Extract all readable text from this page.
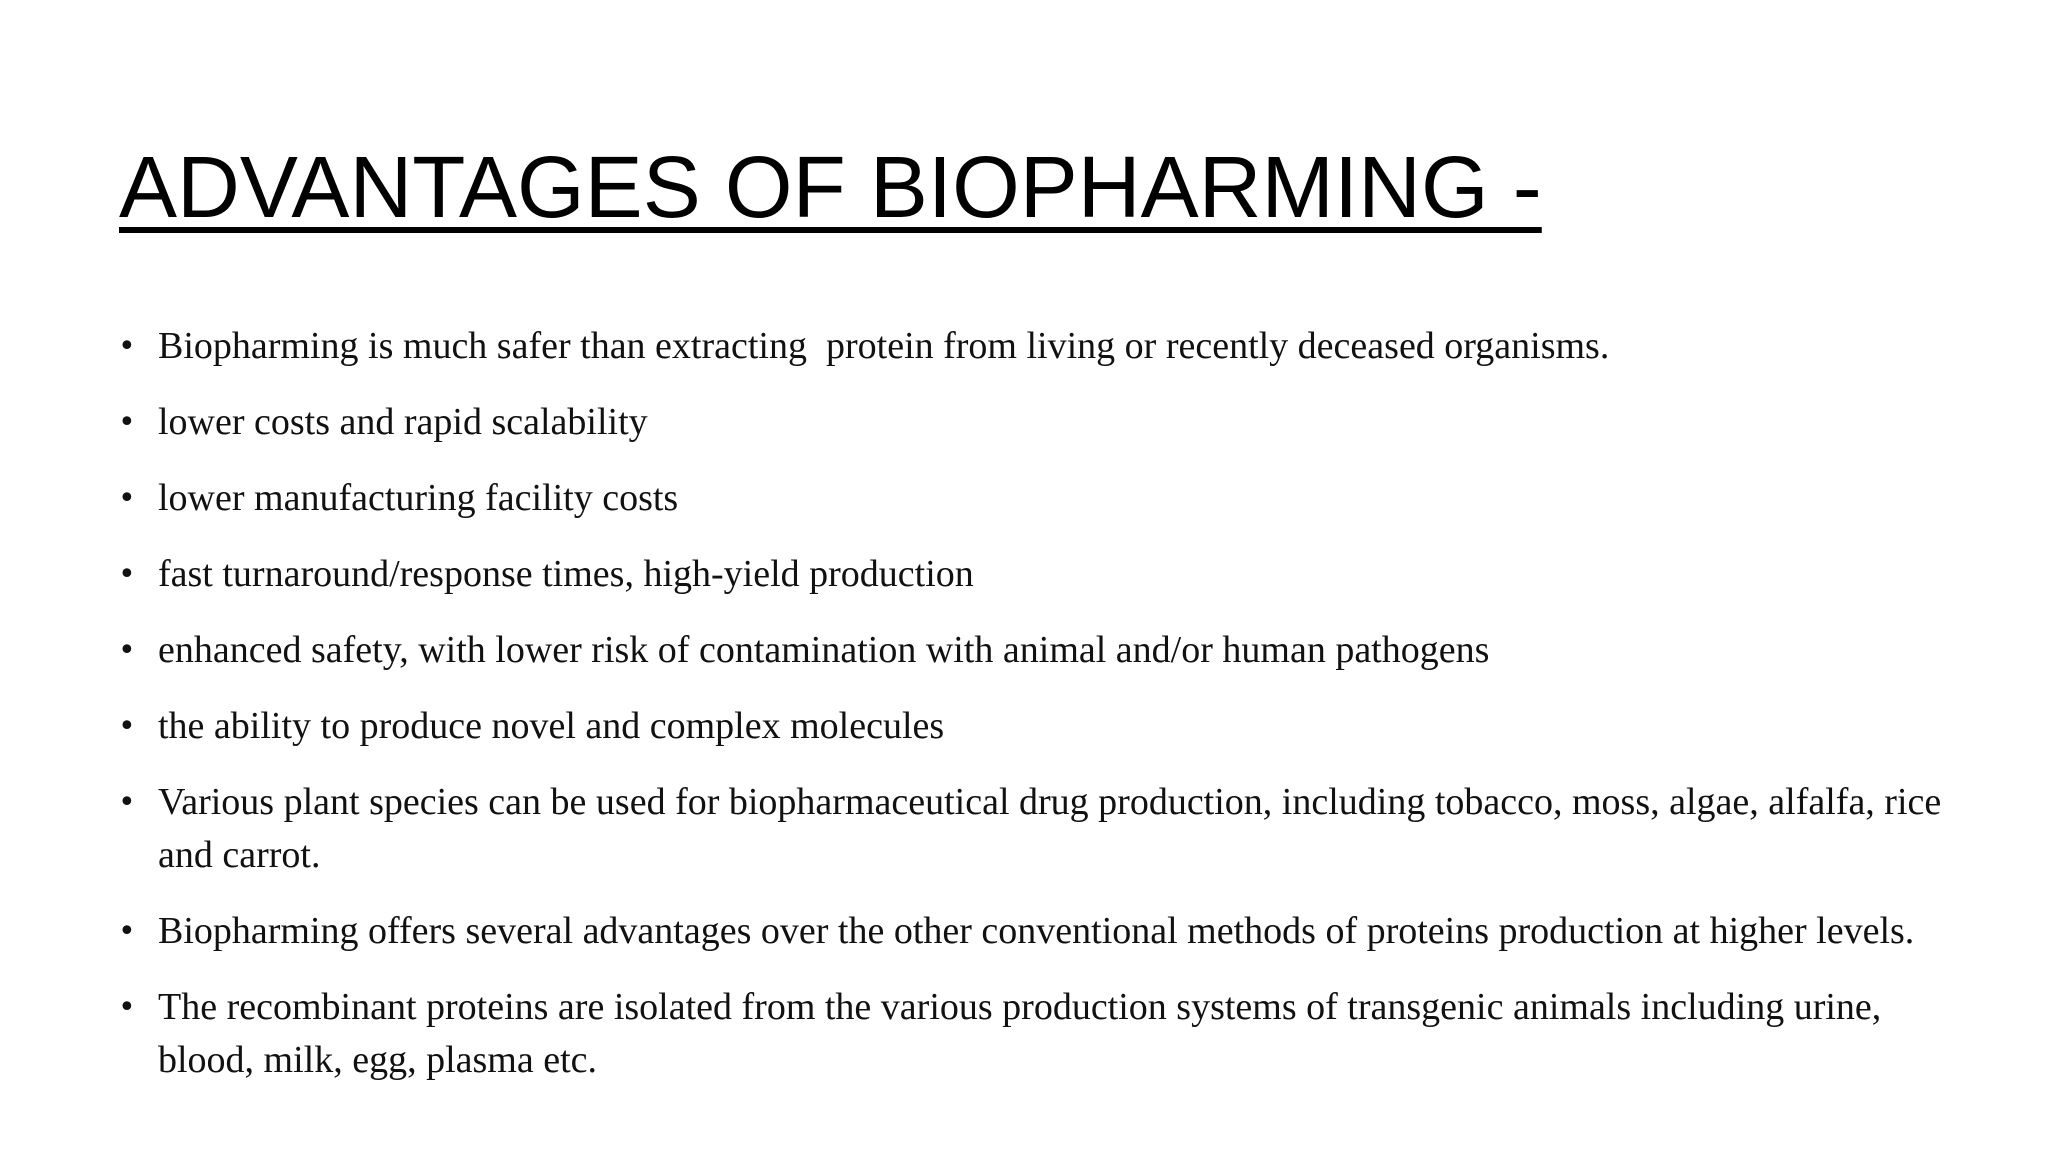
ADVANTAGES OF BIOPHARMING -
• Biopharming is much safer than extracting  protein from living or recently deceased organisms.
• lower costs and rapid scalability
• lower manufacturing facility costs
• fast turnaround/response times, high-yield production
• enhanced safety, with lower risk of contamination with animal and/or human pathogens
• the ability to produce novel and complex molecules
• Various plant species can be used for biopharmaceutical drug production, including tobacco, moss, algae, alfalfa, rice and carrot.
• Biopharming offers several advantages over the other conventional methods of proteins production at higher levels.
• The recombinant proteins are isolated from the various production systems of transgenic animals including urine, blood, milk, egg, plasma etc.
